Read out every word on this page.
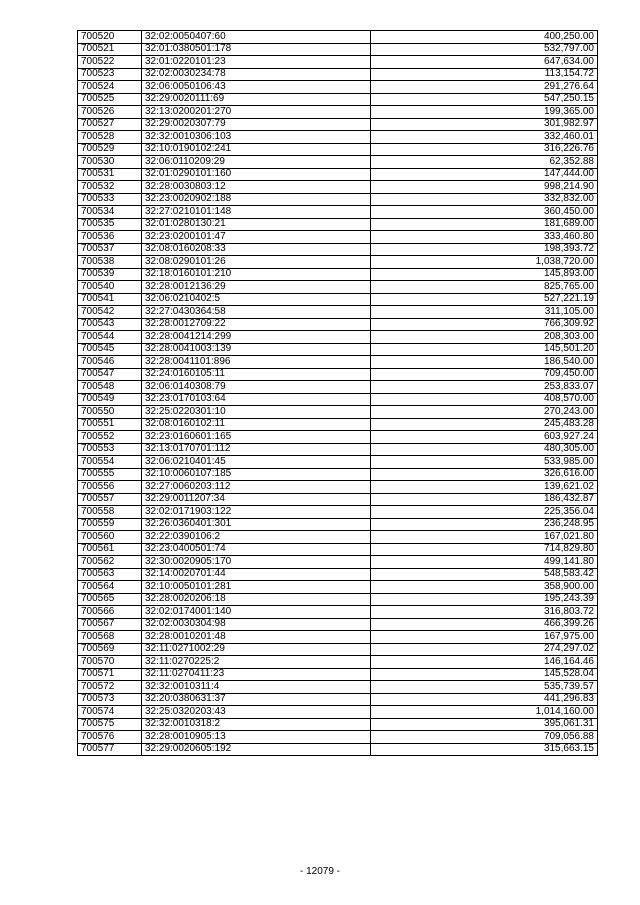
700520	32:02:0050407:60	400,250.00
700521	32:01:0380501:178	532,797.00
700522	32:01:0220101:23	647,634.00
700523	32:02:0030234:78	113,154.72
700524	32:06:0050106:43	291,276.64
700525	32:29:0020111:69	547,250.15
700526	32:13:0200201:270	199,365.00
700527	32:29:0020307:79	301,982.97
700528	32:32:0010306:103	332,460.01
700529	32:10:0190102:241	316,226.76
700530	32:06:0110209:29	62,352.88
700531	32:01:0290101:160	147,444.00
700532	32:28:0030803:12	998,214.90
700533	32:23:0020902:188	332,832.00
700534	32:27:0210101:148	360,450.00
700535	32:01:0280130:21	181,689.00
700536	32:23:0200101:47	333,460.80
700537	32:08:0160208:33	198,393.72
700538	32:08:0290101:26	1,038,720.00
700539	32:18:0160101:210	145,893.00
700540	32:28:0012136:29	825,765.00
700541	32:06:0210402:5	527,221.19
700542	32:27:0430364:58	311,105.00
700543	32:28:0012709:22	766,309.92
700544	32:28:0041214:299	208,303.00
700545	32:28:0041003:139	145,501.20
700546	32:28:0041101:896	186,540.00
700547	32:24:0160105:11	709,450.00
700548	32:06:0140308:79	253,833.07
700549	32:23:0170103:64	408,570.00
700550	32:25:0220301:10	270,243.00
700551	32:08:0160102:11	245,483.28
700552	32:23:0160601:165	603,927.24
700553	32:13:0170701:112	480,305.00
700554	32:06:0210401:45	533,985.00
700555	32:10:0060107:185	326,616.00
700556	32:27:0060203:112	139,621.02
700557	32:29:0011207:34	186,432.87
700558	32:02:0171903:122	225,356.04
700559	32:26:0360401:301	236,248.95
700560	32:22:0390106:2	167,021.80
700561	32:23:0400501:74	714,829.80
700562	32:30:0020905:170	499,141.80
700563	32:14:0020701:44	548,583.42
700564	32:10:0050101:281	358,900.00
700565	32:28:0020206:18	195,243.39
700566	32:02:0174001:140	316,803.72
700567	32:02:0030304:98	466,399.26
700568	32:28:0010201:48	167,975.00
700569	32:11:0271002:29	274,297.02
700570	32:11:0270225:2	146,164.46
700571	32:11:0270411:23	145,528.04
700572	32:32:0010311:4	535,739.57
700573	32:20:0380631:37	441,296.83
700574	32:25:0320203:43	1,014,160.00
700575	32:32:0010318:2	395,061.31
700576	32:28:0010905:13	709,056.88
700577	32:29:0020605:192	315,663.15
- 12079 -
